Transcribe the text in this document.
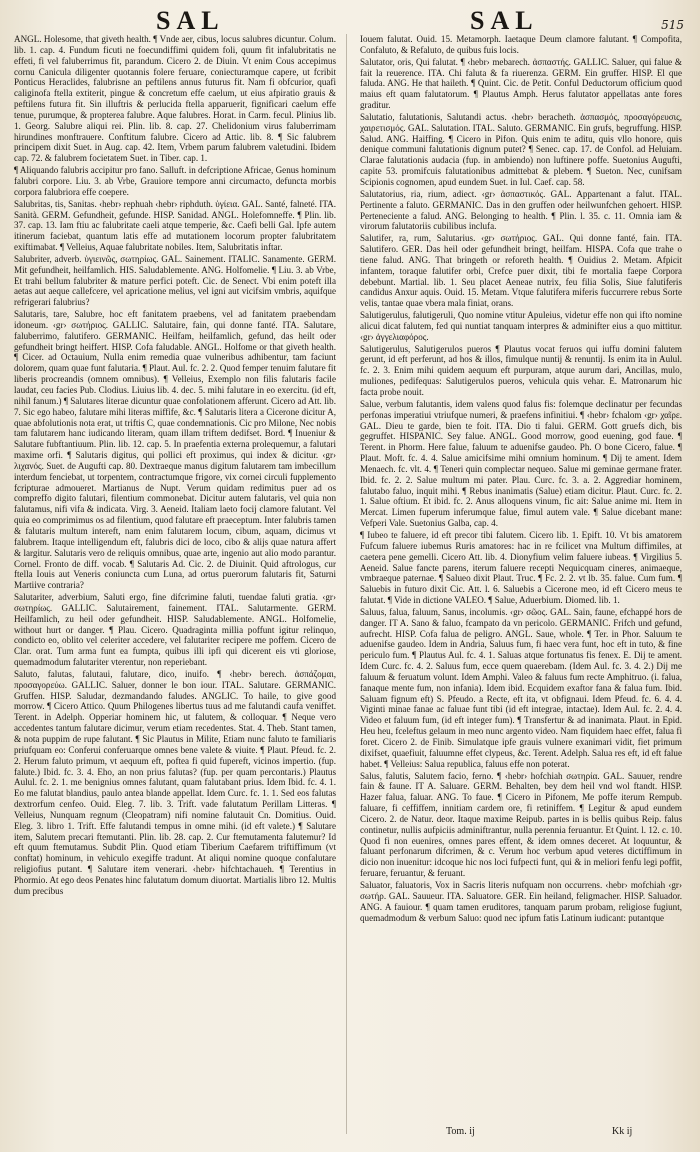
SAL	SAL	515

ANGL. Holesome, that giveth health. ¶ Vnde aer, cibus, locus salubres dicuntur. Colum. lib. 1. cap. 4. Fundum ficuti ne foecundiffimi quidem foli, quum fit infalubritatis ne effeti, fi vel faluberrimus fit, parandum. Cicero 2. de Diuin. Vt enim Cous accepimus cornu Canicula diligenter quotannis folere feruare, coniecturamque capere, ut fcribit Ponticus Heraclides, falubrisne an peftilens annus futurus fit. Nam fi obfcurior, quafi caliginofa ftella extiterit, pingue & concretum effe caelum, ut eius afpiratio grauis & peftilens futura fit. Sin illuftris & perlucida ftella apparuerit, fignificari caelum effe tenue, purumque, & propterea falubre. Aque falubres. Horat. in Carm. fecul. Plinius lib. 1. Georg. Salubre aliqui rei. Plin. lib. 8. cap. 27. Chelidonium virus faluberrimam hirundines monftrauere. Conftitum falubre. Cicero ad Attic. lib. 8. ¶ Sic falubrem principem dixit Suet. in Aug. cap. 42. Item, Vrbem parum falubrem valetudini. Ibidem cap. 72. & falubrem focietatem Suet. in Tiber. cap. 1.

¶ Aliquando falubris accipitur pro fano. Salluft. in defcriptione Africae, Genus hominum falubri corpore. Liu. 3. ab Vrbe, Grauiore tempore anni circumacto, defuncta morbis corpora falubriora effe coepere.

Salubritas, tis, Sanitas. ‹hebr› rephuah ‹hebr› riphduth. ὑγίεια. GAL. Santé, falneté. ITA. Sanità. GERM. Gefundheit, gefunde. HISP. Sanidad. ANGL. Holefomneffe. ¶ Plin. lib. 37. cap. 13. Iam ftiu ac falubritate caeli atque temperie, &c. Caefi belli Gal. Ipfe autem itinerum faciebat, quantum latis effe ad mutationem locorum propter falubritatem exiftimabat. ¶ Velleius, Aquae falubritate nobiles. Item, Salubritatis inftar.

Salubriter, adverb. ὑγιεινῶς, σωτηρίως. GAL. Sainement. ITALIC. Sanamente. GERM. Mit gefundheit, heilfamlich. HIS. Saludablemente. ANG. Holfomelie. ¶ Liu. 3. ab Vrbe, Et trahi bellum falubriter & mature perfici poteft. Cic. de Senect. Vbi enim poteft illa aetas aut aeque callefcere, vel apricatione melius, vel igni aut vicifsim vmbris, aquifque refrigerari falubrius?

Salutaris, tare, Salubre, hoc eft fanitatem praebens, vel ad fanitatem praebendam idoneum. ‹gr› σωτήριος. GALLIC. Salutaire, fain, qui donne fanté. ITA. Salutare, faluberrimo, falutifero. GERMANIC. Heilfam, heilfamlich, gefund, das heilt oder gefundheit bringt heiffert. HISP. Cofa faludable. ANGL. Holfome or that giveth health. ¶ Cicer. ad Octauium, Nulla enim remedia quae vulneribus adhibentur, tam faciunt dolorem, quam quae funt falutaria. ¶ Plaut. Aul. fc. 2. 2. Quod femper tenuim falutare fit liberis procreandis (omnem omnibus). ¶ Velleius, Exemplo non filis falutaris facile laudat, ceu facies Pub. Clodius. Liuius lib. 4. dec. 5. mihi falutare in eo exercitu. (id eft, nihil fanum.) ¶ Salutares literae dicuntur quae confolationem afferunt. Cicero ad Att. lib. 7. Sic ego habeo, falutare mihi literas miffife, &c. ¶ Salutaris litera a Cicerone dicitur A, quae abfolutionis nota erat, ut triftis C, quae condemnationis. Cic pro Milone, Nec nobis tam falutarem hanc iudicando literam, quam illam triftem dedifset. Bord. ¶ Inueniur & Salutare fubftantiuum. Plin. lib. 12. cap. 5. In praefentia externa prolequemur, a falutari maxime orfi. ¶ Salutaris digitus, qui pollici eft proximus, qui index & dicitur. ‹gr› λιχανός. Suet. de Augufti cap. 80. Dextraeque manus digitum falutarem tam imbecillum interdum fenciebat, ut torpentem, contractumque frigore, vix cornei circuli fupplemento fcripturae admoueret. Martianus de Nupt. Verum quidam redimitus puer ad os compreffo digito falutari, filentium commonebat. Dicitur autem falutaris, vel quia non falutamus, nifi vifa & indicata. Virg. 3. Aeneid. Italiam laeto focij clamore falutant. Vel quia eo comprimimus os ad filentium, quod falutare eft praeceptum. Inter falubris tamen & falutaris multum intereft, nam enim falutarem locum, cibum, aquam, dicimus vt falubrem. Itaque intelligendum eft, falubris dici de loco, cibo & alijs quae natura affert & largitur. Salutaris vero de reliquis omnibus, quae arte, ingenio aut alio modo parantur. Cornel. Fronto de diff. vocab. ¶ Salutaris Ad. Cic. 2. de Diuinit. Quid aftrologus, cur ftella Iouis aut Veneris coniuncta cum Luna, ad ortus puerorum falutaris fit, Saturni Martiive contraria?

Salutariter, adverbium, Saluti ergo, fine difcrimine faluti, tuendae faluti gratia. ‹gr› σωτηρίως. GALLIC. Salutairement, fainement. ITAL. Salutarmente. GERM. Heilfamlich, zu heil oder gefundheit. HISP. Saludablemente. ANGL. Holfomelie, without hurt or danger. ¶ Plau. Cicero. Quadraginta millia poffunt igitur relinquo, condicto eo, oblito vel celeriter accedere, vel falutariter recipere me poffem. Cicero de Clar. orat. Tum arma funt ea fumpta, quibus illi ipfi qui dicerent eis vti gloriose, quemadmodum falutariter vterentur, non reperiebant.

Saluto, falutas, falutaui, falutare, dico, inuifo. ¶ ‹hebr› berech. ἀσπάζομαι, προσαγορεύω. GALLIC. Saluer, donner le bon iour. ITAL. Salutare. GERMANIC. Gruffen. HISP. Saludar, dezmandando faludes. ANGLIC. To haile, to give good morrow. ¶ Cicero Attico. Quum Philogenes libertus tuus ad me falutandi caufa veniffet. Terent. in Adelph. Opperiar hominem hic, ut falutem, & colloquar. ¶ Neque vero accedentes tantum falutare dicimur, verum etiam recedentes. Stat. 4. Theb. Stant tamen, & nota puppim de rupe falutant. ¶ Sic Plautus in Milite, Etiam nunc faluto te familiaris priufquam eo: Conferui conferuarque omnes bene valete & viuite. ¶ Plaut. Pfeud. fc. 2. 2. Herum faluto primum, vt aequum eft, poftea fi quid fupereft, vicinos impertio. (fup. falute.) Ibid. fc. 3. 4. Eho, an non prius falutas? (fup. per quam percontaris.) Plautus Aulul. fc. 2. 1. me benignius omnes falutant, quam falutabant prius. Idem Ibid. fc. 4. 1. Eo me falutat blandius, paulo antea blande appellat. Idem Curc. fc. 1. 1. Sed eos falutas dextrorfum cenfeo. Ouid. Eleg. 7. lib. 3. Trift. vade falutatum Perillam Litteras. ¶ Velleius, Nunquam regnum (Cleopatram) nifi nomine falutauit Cn. Domitius. Ouid. Eleg. 3. libro 1. Trift. Effe falutandi tempus in omne mihi. (id eft valete.) ¶ Salutare item, Salutem precari ftemutanti. Plin. lib. 28. cap. 2. Cur ftemutamenta falutemur? Id eft quum ftemutamus. Subdit Plin. Quod etiam Tiberium Caefarem triftiffimum (vt conftat) hominum, in vehiculo exegiffe tradunt. At aliqui nomine quoque confalutare religiofius putant. ¶ Salutare item venerari. ‹hebr› hifchtachaueh. ¶ Terentius in Phormio. At ego deos Penates hinc falutatum domum diuortat. Martialis libro 12. Multis dum precibus

Iouem falutat. Ouid. 15. Metamorph. Iaetaque Deum clamore falutant. ¶ Compofita, Confaluto, & Refaluto, de quibus fuis locis.

Salutator, oris, Qui falutat. ¶ ‹hebr› mebarech. ἀσπαστής. GALLIC. Saluer, qui falue & fait la reuerence. ITA. Chi faluta & fa riuerenza. GERM. Ein gruffer. HISP. El que faluda. ANG. He that haileth. ¶ Quint. Cic. de Petit. Conful Deductorum officium quod maius eft quam falutatorum. ¶ Plautus Amph. Herus falutator appellatas ante fores graditur.

Salutatio, falutationis, Salutandi actus. ‹hebr› beracheth. ἀσπασμός, προσαγόρευσις, χαιρετισμός. GAL. Salutation. ITAL. Saluto. GERMANIC. Ein grufs, begruffung. HISP. Salud. ANG. Haiffing. ¶ Cicero in Pifon. Quis enim te aditu, quis vllo honore, quis denique communi falutationis dignum putet? ¶ Senec. cap. 17. de Confol. ad Heluiam. Clarae falutationis audacia (fup. in ambiendo) non luftinere poffe. Suetonius Augufti, capite 53. promifcuis falutationibus admittebat & plebem. ¶ Sueton. Nec, cunifsam Scipionis cognomen, apud eundem Suet. in Iul. Caef. cap. 58.

Salutatorius, ria, rium, adiect. ‹gr› ἀσπαστικός. GAL. Appartenant a falut. ITAL. Pertinente a faluto. GERMANIC. Das in den gruffen oder heilwunfchen gehoert. HISP. Perteneciente a falud. ANG. Belonging to health. ¶ Plin. l. 35. c. 11. Omnia iam & virorum falutatoriis cubilibus inclufa.

Salutifer, ra, rum, Salutarius. ‹gr› σωτήριος. GAL. Qui donne fanté, fain. ITA. Salutifero. GER. Das heil oder gefundheit bringt, heilfam. HISPA. Cofa que trahe o tiene falud. ANG. That bringeth or reforeth health. ¶ Ouidius 2. Metam. Afpicit infantem, toraque falutifer orbi, Crefce puer dixit, tibi fe mortalia faepe Corpora debebunt. Martial. lib. 1. Seu placet Aeneae nutrix, feu filia Solis, Siue falutiferis candidus Anxur aquis. Ouid. 15. Metam. Vtque falutifera miferis fuccurrere rebus Sorte velis, tantae quae vbera mala finiat, orans.

Salutigerulus, falutigeruli, Quo nomine vtitur Apuleius, videtur effe non qui ifto nomine alicui dicat falutem, fed qui nuntiat tanquam interpres & adminifter eius a quo mittitur. ‹gr› ἀγγελιαφόρος.

Salutigerulus, Salutigerulos pueros ¶ Plautus vocat feruos qui iuffu domini falutem gerunt, id eft perferunt, ad hos & illos, fimulque nuntij & renuntij. Is enim ita in Aulul. fc. 2. 3. Enim mihi quidem aequum eft purpuram, atque aurum dari, Ancillas, mulo, muliones, pedifequas: Salutigerulos pueros, vehicula quis vehar. E. Matronarum hic facta probe nouit.

Salue, verbum falutantis, idem valens quod falus fis: folemque declinatur per fecundas perfonas imperatiui vtriufque numeri, & praefens infinitiui. ¶ ‹hebr› fchalom ‹gr› χαῖρε. GAL. Dieu te garde, bien te foit. ITA. Dio ti falui. GERM. Gott gruefs dich, bis gegruffet. HISPANIC. Sey falue. ANGL. Good morrow, good euening, god faue. ¶ Terent. in Phorm. Here falue, faluum te aduenifse gaudeo. Ph. O bone Cicero, falue. ¶ Plaut. Moft. fc. 4. 4. Salue amicifsime mihi omnium hominum. ¶ Dij te ament. Idem Menaech. fc. vlt. 4. ¶ Teneri quin complectar nequeo. Salue mi geminae germane frater. Ibid. fc. 2. 2. Salue multum mi pater. Plau. Curc. fc. 3. a. 2. Aggrediar hominem, falutabo faluo, inquit mihi. ¶ Rebus inanimatis (Salue) etiam dicitur. Plaut. Curc. fc. 2. 1. Salue oftium. Et ibid. fc. 2. Anus alloquens vinum, fic ait: Salue anime mi. Item in Mercat. Limen fuperum inferumque falue, fimul autem vale. ¶ Salue dicebant mane: Vefperi Vale. Suetonius Galba, cap. 4.

¶ Iubeo te faluere, id eft precor tibi falutem. Cicero lib. 1. Epift. 10. Vt bis amatorem Fufcum faluere iubemus Ruris amatores: hac in re fcilicet vna Multum diffimiles, at caetera pene gemelli. Cicero Att. lib. 4. Dionyfium velim faluere iubeas. ¶ Virgilius 5. Aeneid. Salue fancte parens, iterum faluere recepti Nequicquam cineres, animaeque, vmbraeque paternae. ¶ Salueo dixit Plaut. Truc. ¶ Fc. 2. 2. vt lb. 35. falue. Cum fum. ¶ Saluebis in futuro dixit Cic. Att. l. 6. Saluebis a Cicerone meo, id eft Cicero meus te falutat. ¶ Vide in dictione VALEO. ¶ Salue, Aduerbium. Diomed. lib. 1.

Saluus, falua, faluum, Sanus, incolumis. ‹gr› σῶος. GAL. Sain, faune, efchappé hors de danger. IT A. Sano & faluo, fcampato da vn pericolo. GERMANIC. Frifch und gefund, aufrecht. HISP. Cofa falua de peligro. ANGL. Saue, whole. ¶ Ter. in Phor. Saluum te aduenifse gaudeo. Idem in Andria, Saluus fum, fi haec vera funt, hoc eft in tuto, & fine periculo fum. ¶ Plautus Aul. fc. 4. 1. Saluas atque fortunatus fis fenex. E. Dij te ament. Idem Curc. fc. 4. 2. Saluus fum, ecce quem quaerebam. (Idem Aul. fc. 3. 4. 2.) Dij me faluum & feruatum volunt. Idem Amphi. Valeo & faluus fum recte Amphitruo. (i. falua, fanaque mente fum, non infania). Idem ibid. Ecquidem exaftor fana & falua fum. Ibid. Saluam fignum eft) S. Pfeudo. a Recte, eft ita, vt obfignaui. Idem Pfeud. fc. 6. 4. 4. Viginti minae fanae ac faluae funt tibi (id eft integrae, intactae). Idem Aul. fc. 2. 4. 4. Video et faluum fum, (id eft integer fum). ¶ Transfertur & ad inanimata. Plaut. in Epid. Heu heu, fceleftus gelaum in meo nunc argento video. Nam fiquidem haec effet, falua fi foret. Cicero 2. de Finib. Simulatque ipfe grauis vulnere exanimari vidit, fiet primum dixifset, quaefiuit, faluumne effet clypeus, &c. Terent. Adelph. Salua res eft, id eft falue habet. ¶ Velleius: Salua republica, faluus effe non poterat.

Salus, falutis, Salutem facio, ferno. ¶ ‹hebr› hofchiah σωτηρία. GAL. Sauuer, rendre fain & faune. IT A. Saluare. GERM. Behalten, bey dem heil vnd wol ftandt. HISP. Hazer falua, faluar. ANG. To faue. ¶ Cicero in Pifonem, Me poffe iterum Rempub. faluare, fi ceffiffem, innitiam cardem ore, fi retiniffem. ¶ Legitur & apud eundem Cicero. 2. de Natur. deor. Itaque maxime Reipub. partes in is bellis quibus Reip. falus continetur, nullis aufpiciis adminiftrantur, nulla perennia feruantur. Et Quint. l. 12. c. 10. Quod fi non euenires, omnes pares effent, & idem omnes deceret. At loquuntur, & faluant perfonarum difcrimen, & c. Verum hoc verbum apud veteres dictiffimum in dicio non inuenitur: idcoque hic nos loci fufpecti funt, qui & in meliori fenfu legi poffit, feruare, feruantur, & feruant.

Saluator, faluatoris, Vox in Sacris literis nufquam non occurrens. ‹hebr› mofchiah ‹gr› σωτήρ. GAL. Sauueur. ITA. Saluatore. GER. Ein heiland, feligmacher. HISP. Saluador. ANG. A fauiour. ¶ quam tamen eruditores, tanquam parum probam, religiose fugiunt, quemadmodum & verbum Saluo: quod nec ipfum fatis Latinum iudicant: putantque

Tom. ij	Kk ij
